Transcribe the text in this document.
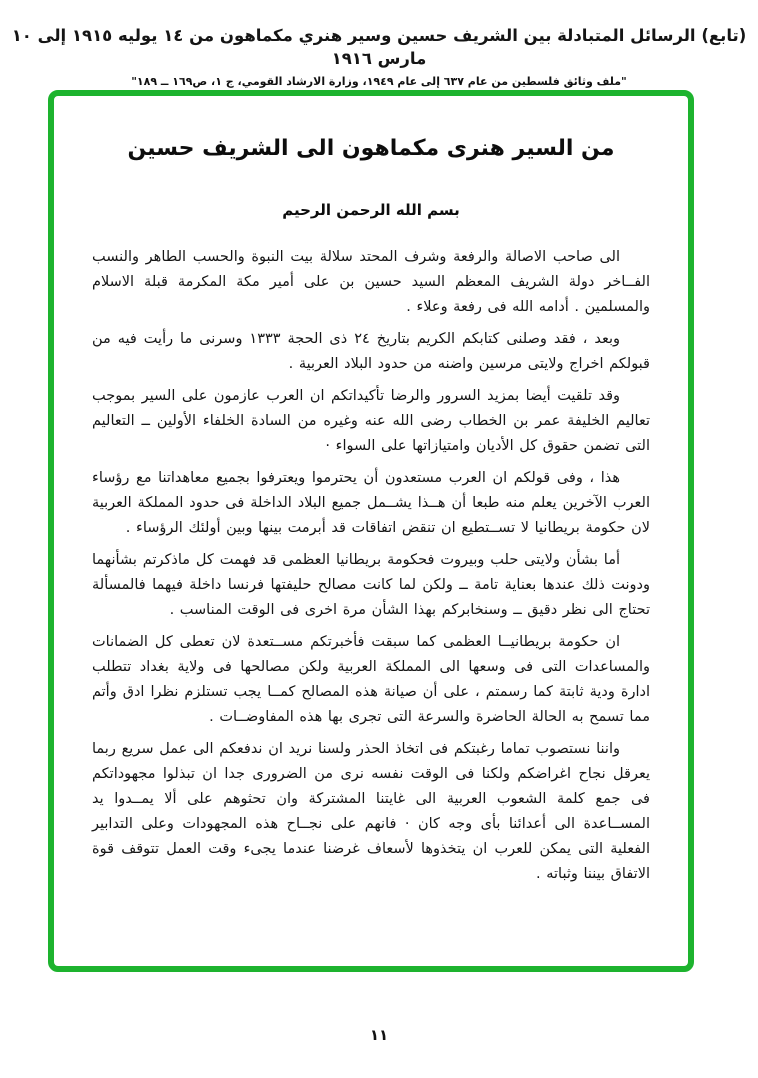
(تابع) الرسائل المتبادلة بين الشريف حسين وسير هنري مكماهون من ١٤ يوليه ١٩١٥ إلى ١٠ مارس ١٩١٦
"ملف وثائق فلسطين من عام ٦٣٧ إلى عام ١٩٤٩، وزارة الارشاد القومي، ج ١، ص١٦٩ ــ ١٨٩"
من السير هنرى مكماهون الى الشريف حسين
بسم الله الرحمن الرحيم

الى صاحب الاصالة والرفعة وشرف المحتد سلالة بيت النبوة والحسب الطاهر والنسب الفــاخر دولة الشريف المعظم السيد حسين بن على أمير مكة المكرمة قبلة الاسلام والمسلمين . أدامه الله فى رفعة وعلاء .

وبعد ، فقد وصلنى كتابكم الكريم بتاريخ ٢٤ ذى الحجة ١٣٣٣ وسرنى ما رأيت فيه من قبولكم اخراج ولايتى مرسين واضنه من حدود البلاد العربية .

وقد تلقيت أيضا بمزيد السرور والرضا تأكيداتكم ان العرب عازمون على السير بموجب تعاليم الخليفة عمر بن الخطاب رضى الله عنه وغيره من السادة الخلفاء الأولين ــ التعاليم التى تضمن حقوق كل الأديان وامتيازاتها على السواء ·

هذا ، وفى قولكم ان العرب مستعدون أن يحترموا ويعترفوا بجميع معاهداتنا مع رؤساء العرب الآخرين يعلم منه طبعا أن هــذا يشــمل جميع البلاد الداخلة فى حدود المملكة العربية لان حكومة بريطانيا لا تســتطيع ان تنقض اتفاقات قد أبرمت بينها وبين أولئك الرؤساء .

أما بشأن ولايتى حلب وبيروت فحكومة بريطانيا العظمى قد فهمت كل ماذكرتم بشأنهما ودونت ذلك عندها بعناية تامة ــ ولكن لما كانت مصالح حليفتها فرنسا داخلة فيهما فالمسألة تحتاج الى نظر دقيق ــ وسنخابركم بهذا الشأن مرة اخرى فى الوقت المناسب .

ان حكومة بريطانيــا العظمى كما سبقت فأخبرتكم مســتعدة لان تعطى كل الضمانات والمساعدات التى فى وسعها الى المملكة العربية ولكن مصالحها فى ولاية بغداد تتطلب ادارة ودية ثابتة كما رسمتم ، على أن صيانة هذه المصالح كمــا يجب تستلزم نظرا ادق وأتم مما تسمح به الحالة الحاضرة والسرعة التى تجرى بها هذه المفاوضــات .

واننا نستصوب تماما رغبتكم فى اتخاذ الحذر ولسنا نريد ان ندفعكم الى عمل سريع ربما يعرقل نجاح اغراضكم ولكنا فى الوقت نفسه نرى من الضرورى جدا ان تبذلوا مجهوداتكم فى جمع كلمة الشعوب العربية الى غايتنا المشتركة وان تحثوهم على ألا يمــدوا يد المســاعدة الى أعدائنا بأى وجه كان · فانهم على نجــاح هذه المجهودات وعلى التدابير الفعلية التى يمكن للعرب ان يتخذوها لأسعاف غرضنا عندما يجىء وقت العمل تتوقف قوة الاتفاق بيننا وثباته .

١١
